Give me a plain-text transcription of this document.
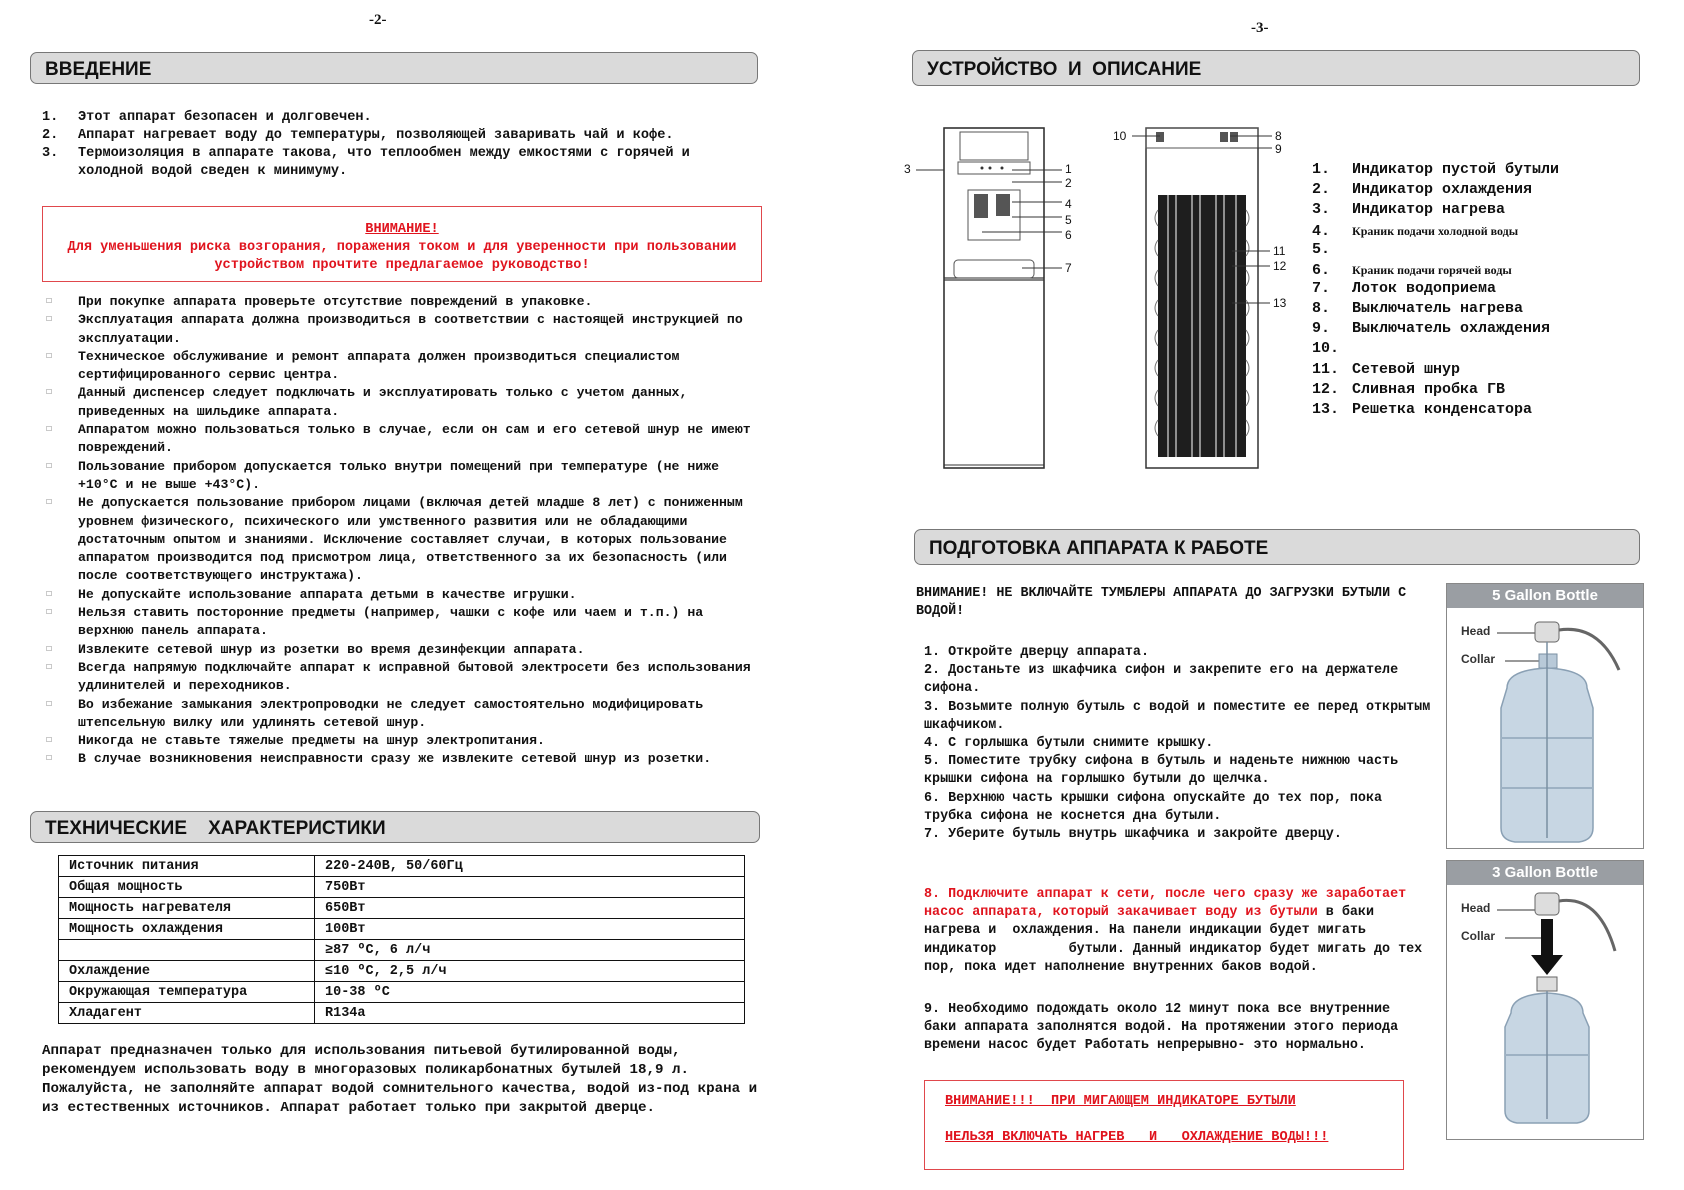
-2-
ВВЕДЕНИЕ
1.	Этот аппарат безопасен и долговечен.
2.	Аппарат нагревает воду до температуры, позволяющей заваривать чай и кофе.
3.	Термоизоляция в аппарате такова, что теплообмен между емкостями с горячей и холодной водой сведен к минимуму.
ВНИМАНИЕ!
Для уменьшения риска возгорания, поражения током и для уверенности при пользовании устройством прочтите предлагаемое руководство!
☐	При покупке аппарата проверьте отсутствие повреждений в упаковке.
☐	Эксплуатация аппарата должна производиться в соответствии с настоящей инструкцией по эксплуатации.
☐	Техническое обслуживание и ремонт аппарата должен производиться специалистом сертифицированного сервис центра.
☐	Данный диспенсер следует подключать и эксплуатировать только с учетом данных, приведенных на шильдике аппарата.
☐	Аппаратом можно пользоваться только в случае, если он сам и его сетевой шнур не имеют повреждений.
☐	Пользование прибором допускается только внутри помещений при температуре (не ниже +10°C и не выше +43°C).
☐	Не допускается пользование прибором лицами (включая детей младше 8 лет) с пониженным уровнем физического, психического или умственного развития или не обладающими достаточным опытом и знаниями. Исключение составляет случаи, в которых пользование аппаратом производится под присмотром лица, ответственного за их безопасность (или после соответствующего инструктажа).
☐	Не допускайте использование аппарата детьми в качестве игрушки.
☐	Нельзя ставить посторонние предметы (например, чашки с кофе или чаем и т.п.) на верхнюю панель аппарата.
☐	Извлеките сетевой шнур из розетки во время дезинфекции аппарата.
☐	Всегда напрямую подключайте аппарат к исправной бытовой электросети без использования удлинителей и переходников.
☐	Во избежание замыкания электропроводки не следует самостоятельно модифицировать штепсельную вилку или удлинять сетевой шнур.
☐	Никогда не ставьте тяжелые предметы на шнур электропитания.
☐	В случае возникновения неисправности сразу же извлеките сетевой шнур из розетки.
ТЕХНИЧЕСКИЕ    ХАРАКТЕРИСТИКИ
Источник питания	220-240В, 50/60Гц
Общая мощность	750Вт
Мощность нагревателя	650Вт
Мощность охлаждения	100Вт
	≥87 ºC, 6 л/ч
Охлаждение	≤10 ºC, 2,5 л/ч
Окружающая температура	10-38 ºC
Хладагент	R134a
Аппарат предназначен только для использования питьевой бутилированной воды, рекомендуем использовать воду в многоразовых поликарбонатных бутылей 18,9 л. Пожалуйста, не заполняйте аппарат водой сомнительного качества, водой из-под крана и из естественных источников. Аппарат работает только при закрытой дверце.
-3-
УСТРОЙСТВО  И  ОПИСАНИЕ
3	1
2
4
5
6
7
10	8
9
11
12
13
1. Индикатор пустой бутыли
2. Индикатор охлаждения
3. Индикатор нагрева
4. Краник подачи холодной воды
5.
6. Краник подачи горячей воды
7. Лоток водоприема
8. Выключатель нагрева
9. Выключатель охлаждения
10.
11. Сетевой шнур
12. Сливная пробка ГВ
13. Решетка конденсатора
ПОДГОТОВКА АППАРАТА К РАБОТЕ
ВНИМАНИЕ! НЕ ВКЛЮЧАЙТЕ ТУМБЛЕРЫ АППАРАТА ДО ЗАГРУЗКИ БУТЫЛИ С ВОДОЙ!
1. Откройте дверцу аппарата.
2. Достаньте из шкафчика сифон и закрепите его на держателе сифона.
3. Возьмите полную бутыль с водой и поместите ее перед открытым шкафчиком.
4. С горлышка бутыли снимите крышку.
5. Поместите трубку сифона в бутыль и наденьте нижнюю часть крышки сифона на горлышко бутыли до щелчка.
6. Верхнюю часть крышки сифона опускайте до тех пор, пока трубка сифона не коснется дна бутыли.
7. Уберите бутыль внутрь шкафчика и закройте дверцу.
8. Подключите аппарат к сети, после чего сразу же заработает насос аппарата, который закачивает воду из бутыли в баки нагрева и  охлаждения. На панели индикации будет мигать индикатор         бутыли. Данный индикатор будет мигать до тех пор, пока идет наполнение внутренних баков водой.
9. Необходимо подождать около 12 минут пока все внутренние баки аппарата заполнятся водой. На протяжении этого периода времени насос будет Работать непрерывно- это нормально.
ВНИМАНИЕ!!!  ПРИ МИГАЮЩЕМ ИНДИКАТОРЕ БУТЫЛИ
НЕЛЬЗЯ ВКЛЮЧАТЬ НАГРЕВ   И   ОХЛАЖДЕНИЕ ВОДЫ!!!
5 Gallon Bottle
Head
Collar
3 Gallon Bottle
Head
Collar
